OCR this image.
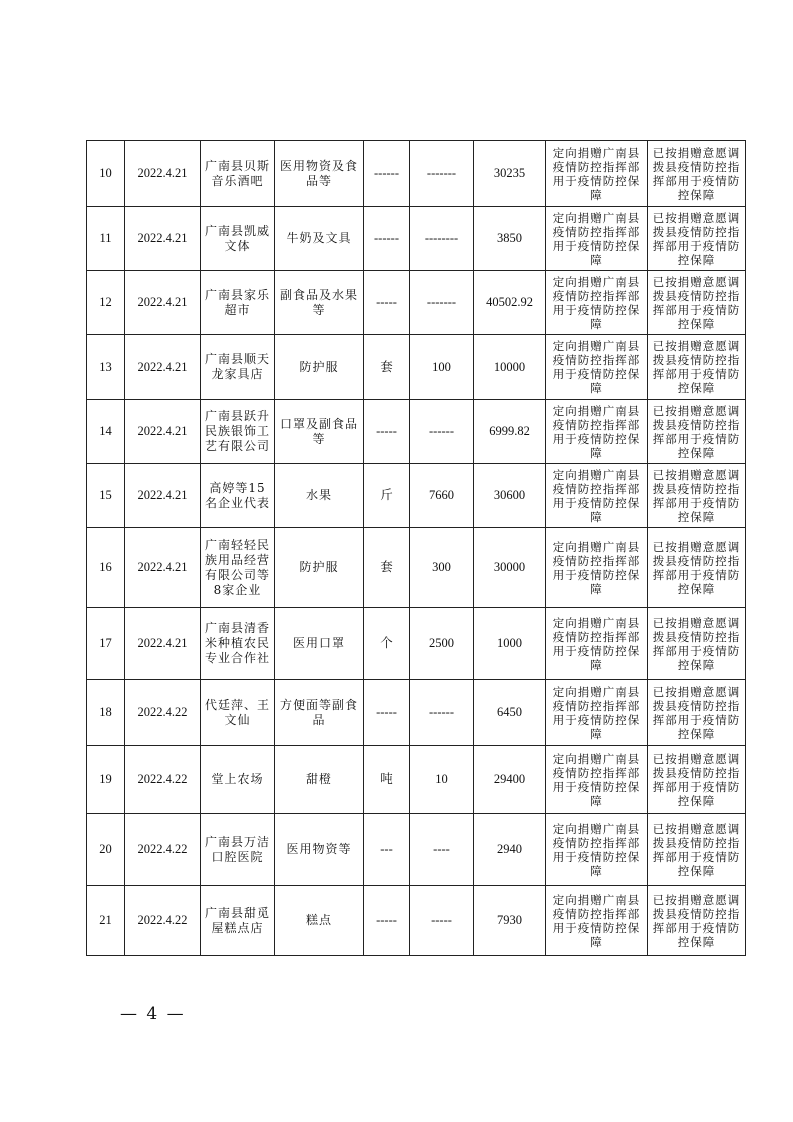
10	2022.4.21	广南县贝斯音乐酒吧	医用物资及食品等	------	-------	30235	定向捐赠广南县疫情防控指挥部用于疫情防控保障	已按捐赠意愿调拨县疫情防控指挥部用于疫情防控保障
11	2022.4.21	广南县凯威文体	牛奶及文具	------	--------	3850	定向捐赠广南县疫情防控指挥部用于疫情防控保障	已按捐赠意愿调拨县疫情防控指挥部用于疫情防控保障
12	2022.4.21	广南县家乐超市	副食品及水果等	-----	-------	40502.92	定向捐赠广南县疫情防控指挥部用于疫情防控保障	已按捐赠意愿调拨县疫情防控指挥部用于疫情防控保障
13	2022.4.21	广南县顺天龙家具店	防护服	套	100	10000	定向捐赠广南县疫情防控指挥部用于疫情防控保障	已按捐赠意愿调拨县疫情防控指挥部用于疫情防控保障
14	2022.4.21	广南县跃升民族银饰工艺有限公司	口罩及副食品等	-----	------	6999.82	定向捐赠广南县疫情防控指挥部用于疫情防控保障	已按捐赠意愿调拨县疫情防控指挥部用于疫情防控保障
15	2022.4.21	高婷等15名企业代表	水果	斤	7660	30600	定向捐赠广南县疫情防控指挥部用于疫情防控保障	已按捐赠意愿调拨县疫情防控指挥部用于疫情防控保障
16	2022.4.21	广南轻轻民族用品经营有限公司等8家企业	防护服	套	300	30000	定向捐赠广南县疫情防控指挥部用于疫情防控保障	已按捐赠意愿调拨县疫情防控指挥部用于疫情防控保障
17	2022.4.21	广南县清香米种植农民专业合作社	医用口罩	个	2500	1000	定向捐赠广南县疫情防控指挥部用于疫情防控保障	已按捐赠意愿调拨县疫情防控指挥部用于疫情防控保障
18	2022.4.22	代廷萍、王文仙	方便面等副食品	-----	------	6450	定向捐赠广南县疫情防控指挥部用于疫情防控保障	已按捐赠意愿调拨县疫情防控指挥部用于疫情防控保障
19	2022.4.22	堂上农场	甜橙	吨	10	29400	定向捐赠广南县疫情防控指挥部用于疫情防控保障	已按捐赠意愿调拨县疫情防控指挥部用于疫情防控保障
20	2022.4.22	广南县万洁口腔医院	医用物资等	---	----	2940	定向捐赠广南县疫情防控指挥部用于疫情防控保障	已按捐赠意愿调拨县疫情防控指挥部用于疫情防控保障
21	2022.4.22	广南县甜觅屋糕点店	糕点	-----	-----	7930	定向捐赠广南县疫情防控指挥部用于疫情防控保障	已按捐赠意愿调拨县疫情防控指挥部用于疫情防控保障
— 4 —
